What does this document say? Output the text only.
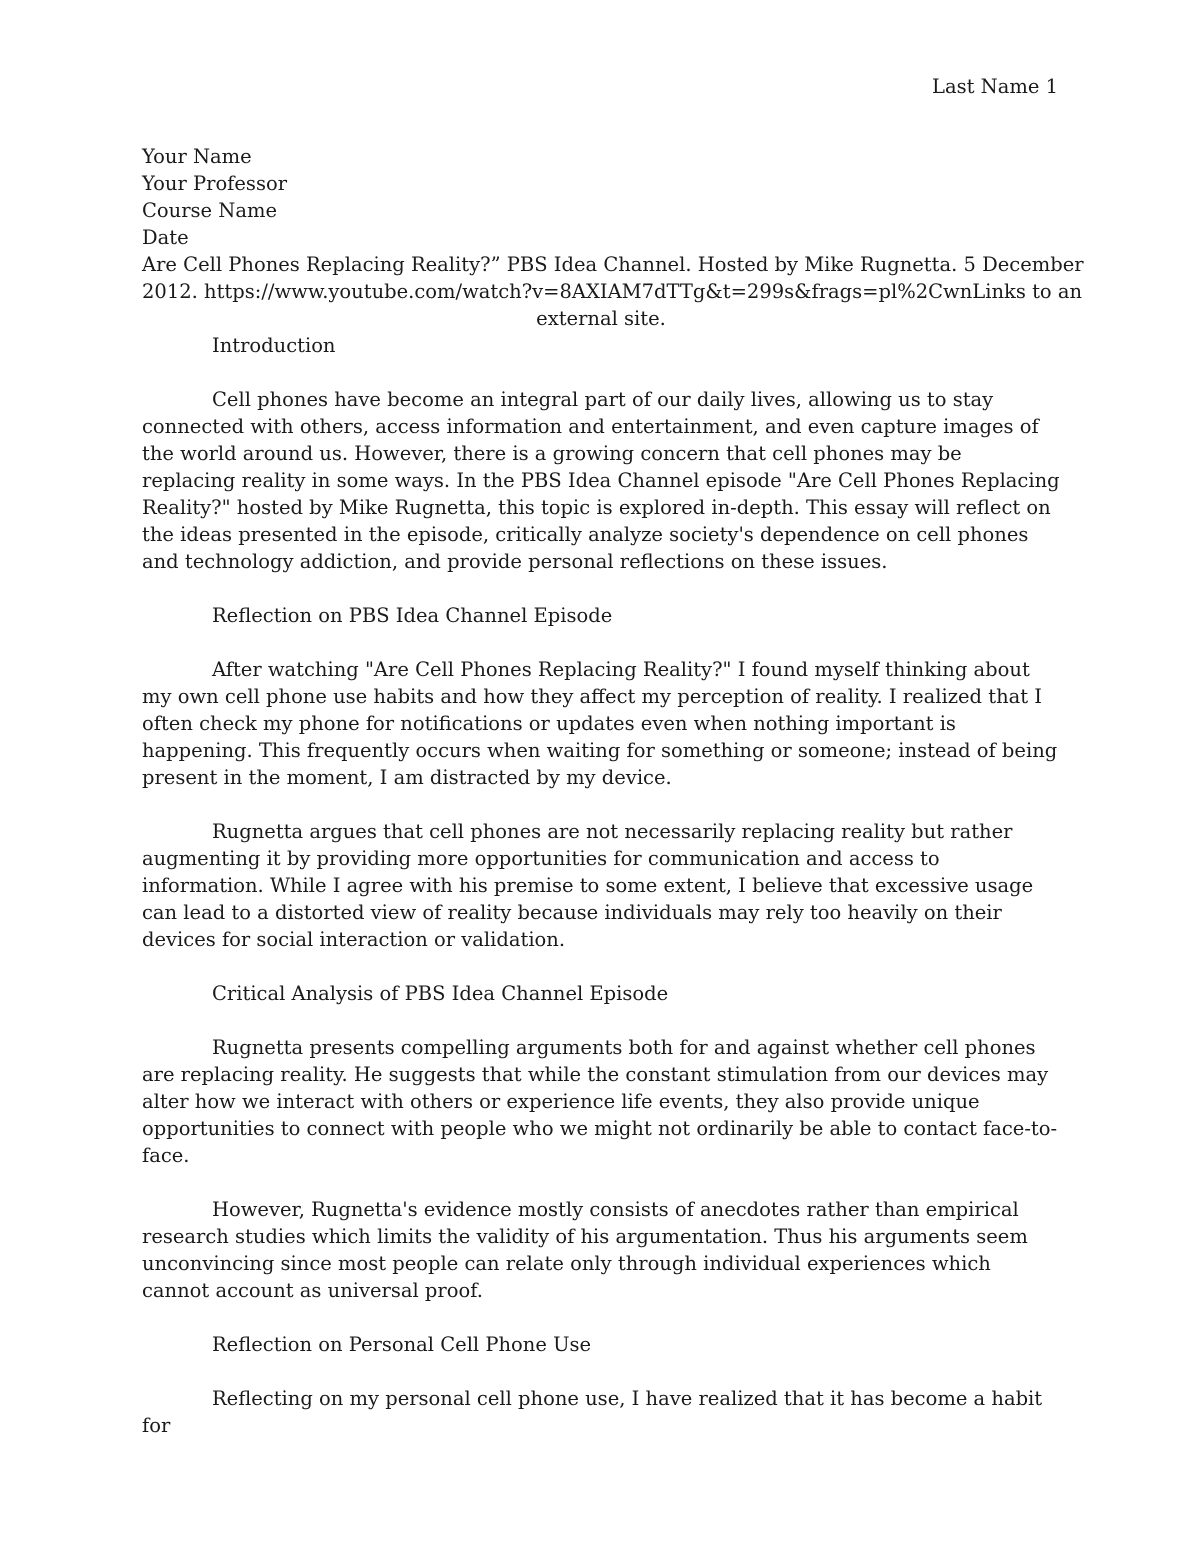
Last Name 1
Your Name
Your Professor
Course Name
Date
Are Cell Phones Replacing Reality?” PBS Idea Channel. Hosted by Mike Rugnetta. 5 December
2012. https://www.youtube.com/watch?v=8AXIAM7dTTg&t=299s&frags=pl%2CwnLinks to an
external site.
Introduction

Cell phones have become an integral part of our daily lives, allowing us to stay connected with others, access information and entertainment, and even capture images of the world around us. However, there is a growing concern that cell phones may be replacing reality in some ways. In the PBS Idea Channel episode "Are Cell Phones Replacing Reality?" hosted by Mike Rugnetta, this topic is explored in-depth. This essay will reflect on the ideas presented in the episode, critically analyze society's dependence on cell phones and technology addiction, and provide personal reflections on these issues.

Reflection on PBS Idea Channel Episode

After watching "Are Cell Phones Replacing Reality?" I found myself thinking about my own cell phone use habits and how they affect my perception of reality. I realized that I often check my phone for notifications or updates even when nothing important is happening. This frequently occurs when waiting for something or someone; instead of being present in the moment, I am distracted by my device.

Rugnetta argues that cell phones are not necessarily replacing reality but rather augmenting it by providing more opportunities for communication and access to information. While I agree with his premise to some extent, I believe that excessive usage can lead to a distorted view of reality because individuals may rely too heavily on their devices for social interaction or validation.

Critical Analysis of PBS Idea Channel Episode

Rugnetta presents compelling arguments both for and against whether cell phones are replacing reality. He suggests that while the constant stimulation from our devices may alter how we interact with others or experience life events, they also provide unique opportunities to connect with people who we might not ordinarily be able to contact face-to-face.

However, Rugnetta's evidence mostly consists of anecdotes rather than empirical research studies which limits the validity of his argumentation. Thus his arguments seem unconvincing since most people can relate only through individual experiences which cannot account as universal proof.

Reflection on Personal Cell Phone Use

Reflecting on my personal cell phone use, I have realized that it has become a habit for
